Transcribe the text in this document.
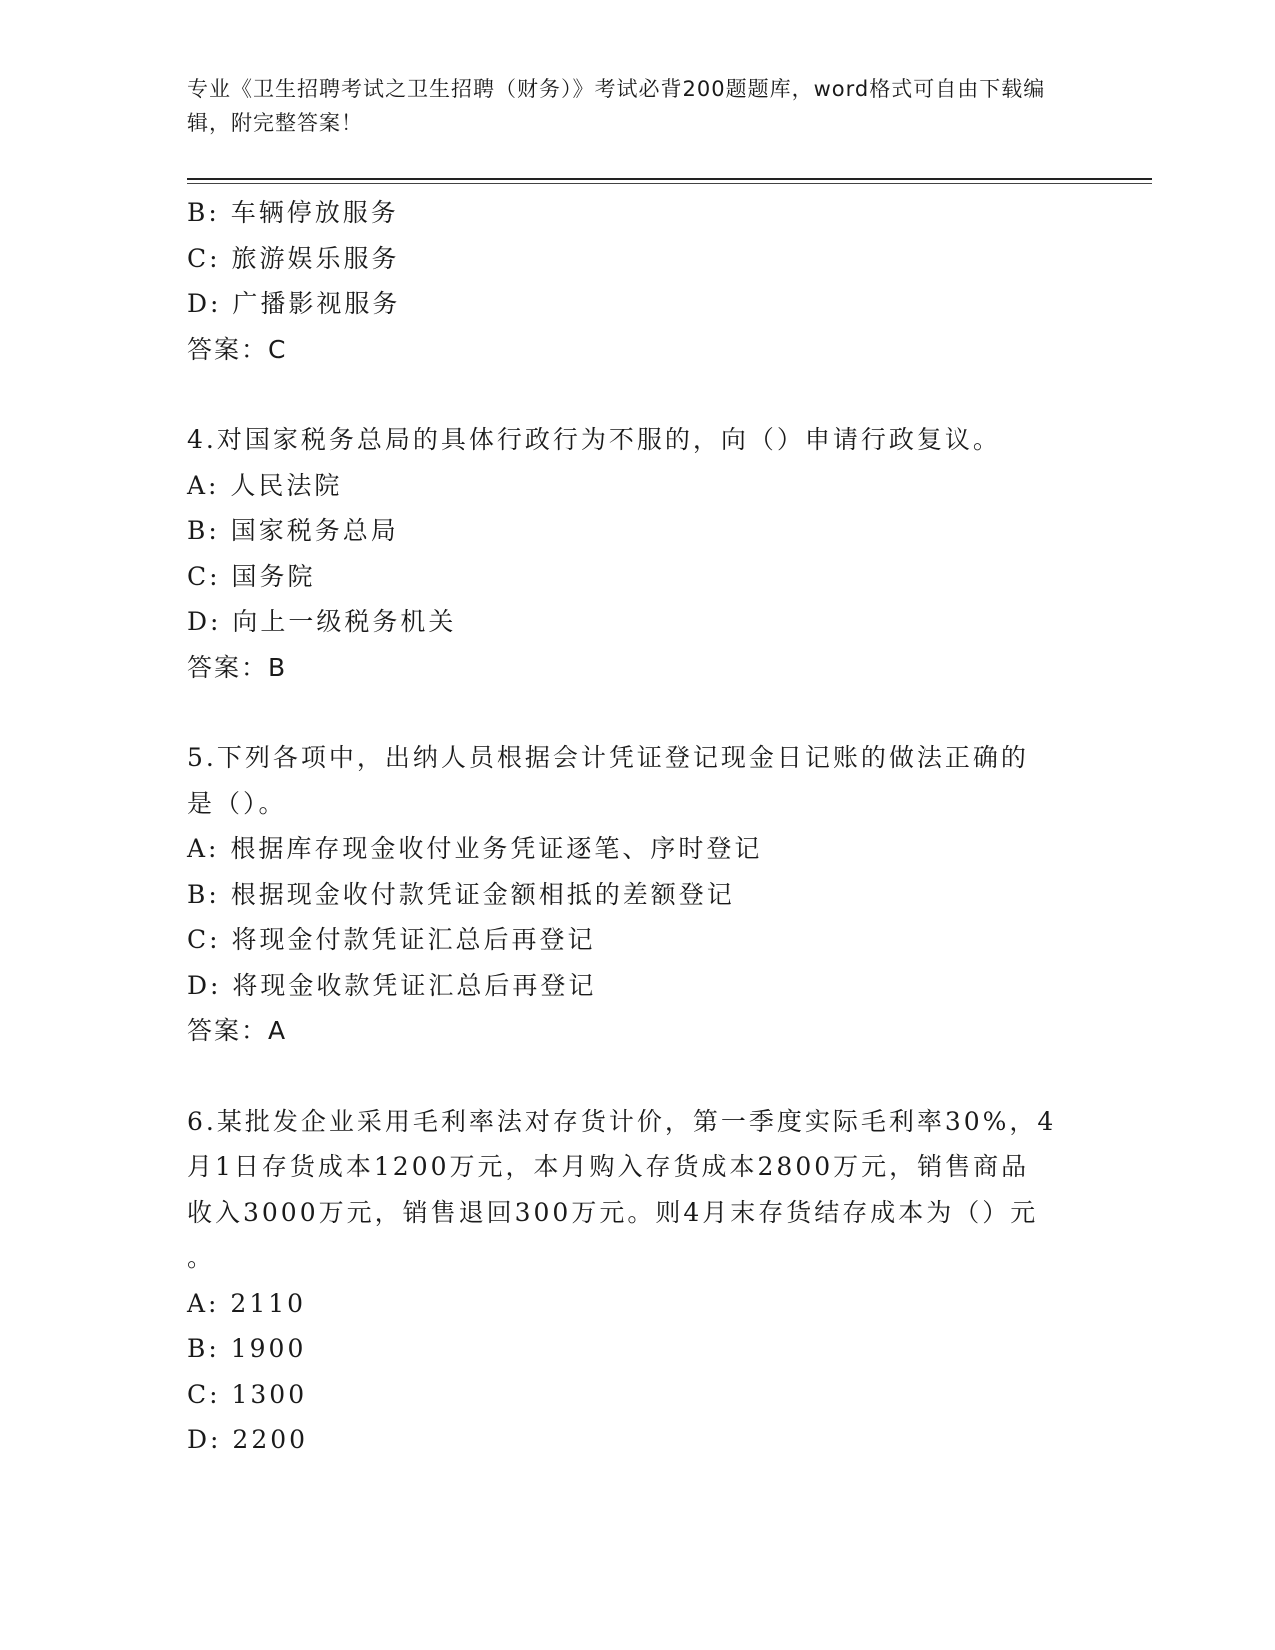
专业《卫生招聘考试之卫生招聘（财务）》考试必背200题题库，word格式可自由下载编辑，附完整答案！
B: 车辆停放服务
C: 旅游娱乐服务
D: 广播影视服务
答案：C
4.对国家税务总局的具体行政行为不服的，向（）申请行政复议。
A: 人民法院
B: 国家税务总局
C: 国务院
D: 向上一级税务机关
答案：B
5.下列各项中，出纳人员根据会计凭证登记现金日记账的做法正确的
是（）。
A: 根据库存现金收付业务凭证逐笔、序时登记
B: 根据现金收付款凭证金额相抵的差额登记
C: 将现金付款凭证汇总后再登记
D: 将现金收款凭证汇总后再登记
答案：A
6.某批发企业采用毛利率法对存货计价，第一季度实际毛利率30%，4
月1日存货成本1200万元，本月购入存货成本2800万元，销售商品
收入3000万元，销售退回300万元。则4月末存货结存成本为（）元
。
A: 2110
B: 1900
C: 1300
D: 2200
